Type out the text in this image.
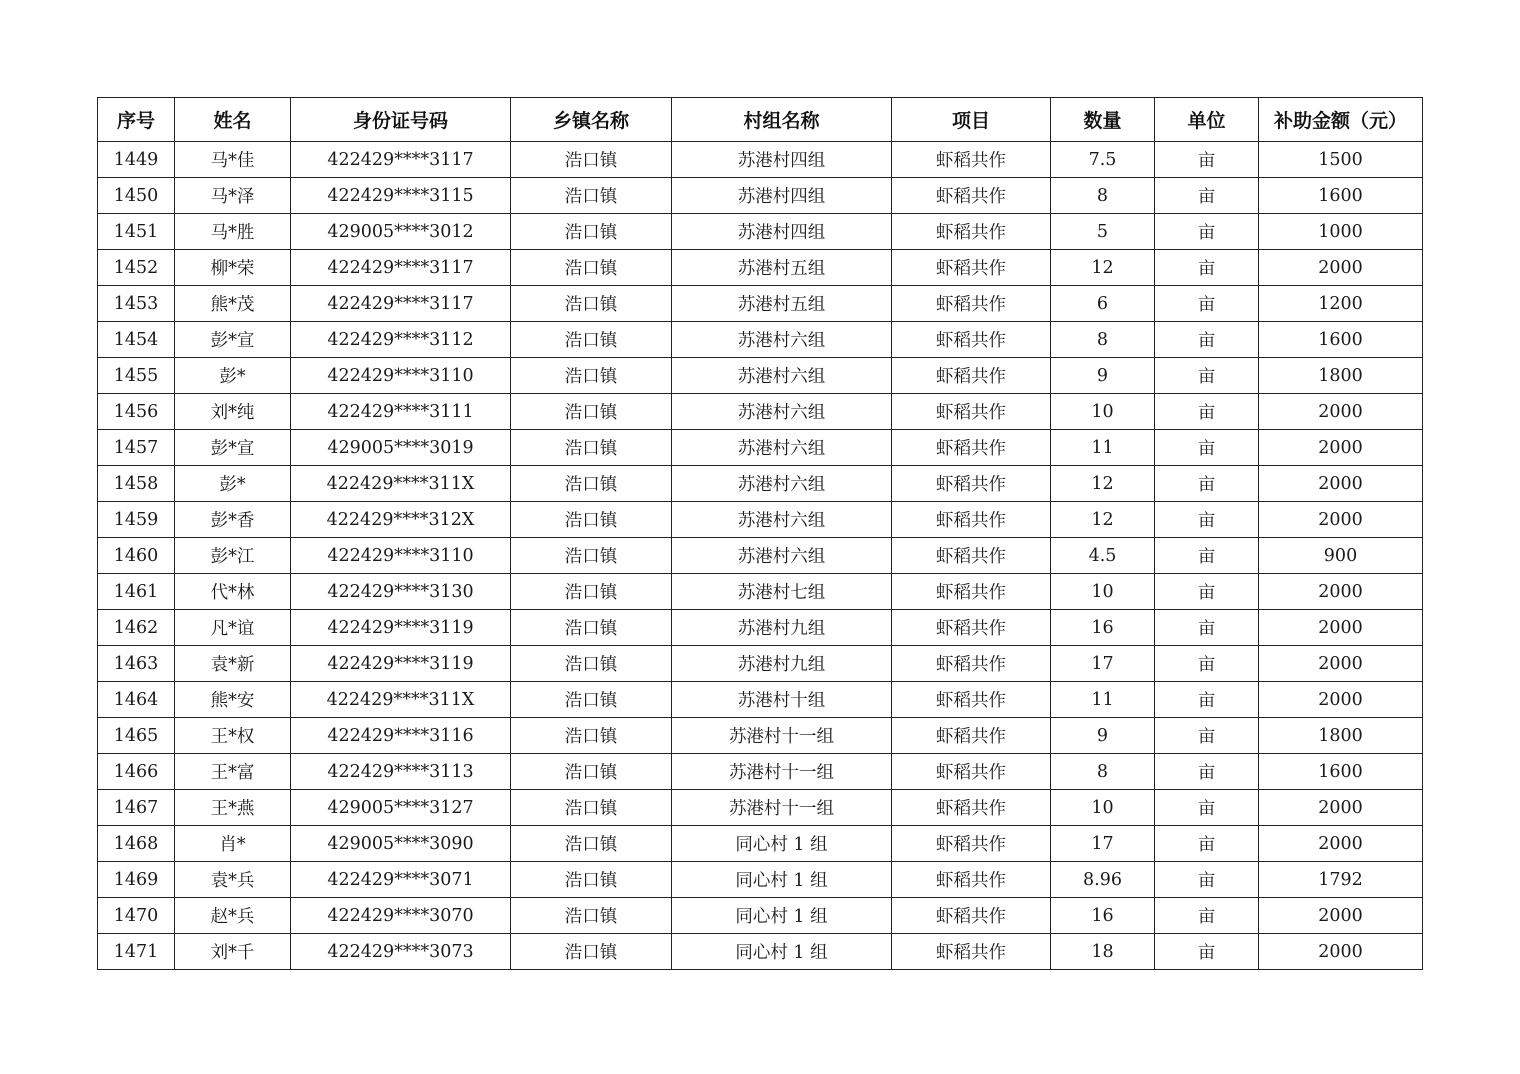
序号	姓名	身份证号码	乡镇名称	村组名称	项目	数量	单位	补助金额（元）
1449	马*佳	422429****3117	浩口镇	苏港村四组	虾稻共作	7.5	亩	1500
1450	马*泽	422429****3115	浩口镇	苏港村四组	虾稻共作	8	亩	1600
1451	马*胜	429005****3012	浩口镇	苏港村四组	虾稻共作	5	亩	1000
1452	柳*荣	422429****3117	浩口镇	苏港村五组	虾稻共作	12	亩	2000
1453	熊*茂	422429****3117	浩口镇	苏港村五组	虾稻共作	6	亩	1200
1454	彭*宣	422429****3112	浩口镇	苏港村六组	虾稻共作	8	亩	1600
1455	彭*	422429****3110	浩口镇	苏港村六组	虾稻共作	9	亩	1800
1456	刘*纯	422429****3111	浩口镇	苏港村六组	虾稻共作	10	亩	2000
1457	彭*宣	429005****3019	浩口镇	苏港村六组	虾稻共作	11	亩	2000
1458	彭*	422429****311X	浩口镇	苏港村六组	虾稻共作	12	亩	2000
1459	彭*香	422429****312X	浩口镇	苏港村六组	虾稻共作	12	亩	2000
1460	彭*江	422429****3110	浩口镇	苏港村六组	虾稻共作	4.5	亩	900
1461	代*林	422429****3130	浩口镇	苏港村七组	虾稻共作	10	亩	2000
1462	凡*谊	422429****3119	浩口镇	苏港村九组	虾稻共作	16	亩	2000
1463	袁*新	422429****3119	浩口镇	苏港村九组	虾稻共作	17	亩	2000
1464	熊*安	422429****311X	浩口镇	苏港村十组	虾稻共作	11	亩	2000
1465	王*权	422429****3116	浩口镇	苏港村十一组	虾稻共作	9	亩	1800
1466	王*富	422429****3113	浩口镇	苏港村十一组	虾稻共作	8	亩	1600
1467	王*燕	429005****3127	浩口镇	苏港村十一组	虾稻共作	10	亩	2000
1468	肖*	429005****3090	浩口镇	同心村 1 组	虾稻共作	17	亩	2000
1469	袁*兵	422429****3071	浩口镇	同心村 1 组	虾稻共作	8.96	亩	1792
1470	赵*兵	422429****3070	浩口镇	同心村 1 组	虾稻共作	16	亩	2000
1471	刘*千	422429****3073	浩口镇	同心村 1 组	虾稻共作	18	亩	2000
